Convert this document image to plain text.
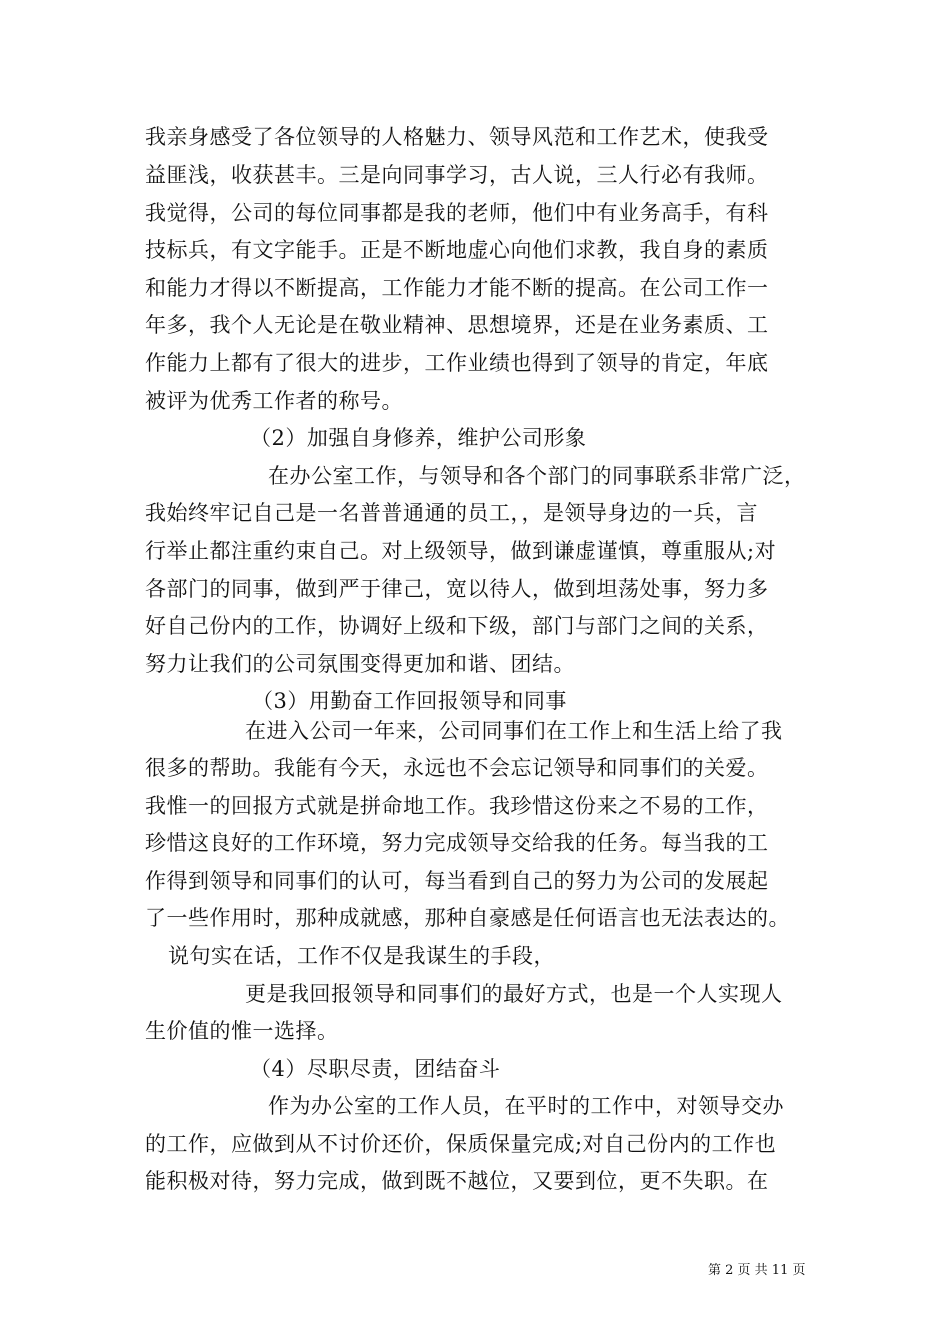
我亲身感受了各位领导的人格魅力、领导风范和工作艺术，使我受
益匪浅，收获甚丰。三是向同事学习，古人说，三人行必有我师。
我觉得，公司的每位同事都是我的老师，他们中有业务高手，有科
技标兵，有文字能手。正是不断地虚心向他们求教，我自身的素质
和能力才得以不断提高，工作能力才能不断的提高。在公司工作一
年多，我个人无论是在敬业精神、思想境界，还是在业务素质、工
作能力上都有了很大的进步，工作业绩也得到了领导的肯定，年底
被评为优秀工作者的称号。
（2）加强自身修养，维护公司形象
在办公室工作，与领导和各个部门的同事联系非常广泛，
我始终牢记自己是一名普普通通的员工，，是领导身边的一兵，言
行举止都注重约束自己。对上级领导，做到谦虚谨慎，尊重服从;对
各部门的同事，做到严于律己，宽以待人，做到坦荡处事，努力多
好自己份内的工作，协调好上级和下级，部门与部门之间的关系，
努力让我们的公司氛围变得更加和谐、团结。
（3）用勤奋工作回报领导和同事
在进入公司一年来，公司同事们在工作上和生活上给了我
很多的帮助。我能有今天，永远也不会忘记领导和同事们的关爱。
我惟一的回报方式就是拼命地工作。我珍惜这份来之不易的工作，
珍惜这良好的工作环境，努力完成领导交给我的任务。每当我的工
作得到领导和同事们的认可，每当看到自己的努力为公司的发展起
了一些作用时，那种成就感，那种自豪感是任何语言也无法表达的。
说句实在话，工作不仅是我谋生的手段，
更是我回报领导和同事们的最好方式，也是一个人实现人
生价值的惟一选择。
（4）尽职尽责，团结奋斗
作为办公室的工作人员，在平时的工作中，对领导交办
的工作，应做到从不讨价还价，保质保量完成;对自己份内的工作也
能积极对待，努力完成，做到既不越位，又要到位，更不失职。在
第 2 页 共 11 页
